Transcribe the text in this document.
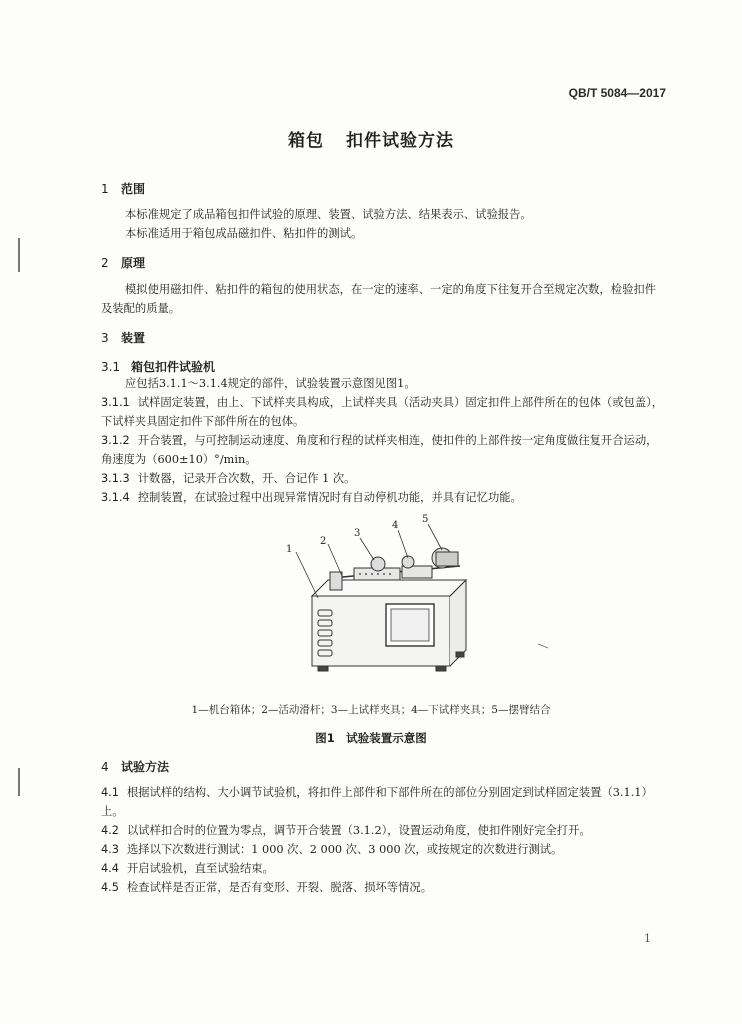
QB/T 5084—2017
箱包 扣件试验方法
1 范围
本标准规定了成品箱包扣件试验的原理、装置、试验方法、结果表示、试验报告。
本标准适用于箱包成品磁扣件、粘扣件的测试。
2 原理
模拟使用磁扣件、粘扣件的箱包的使用状态，在一定的速率、一定的角度下往复开合至规定次数，检验扣件及装配的质量。
3 装置
3.1 箱包扣件试验机
应包括3.1.1～3.1.4规定的部件，试验装置示意图见图1。
3.1.1 试样固定装置，由上、下试样夹具构成，上试样夹具（活动夹具）固定扣件上部件所在的包体（或包盖），下试样夹具固定扣件下部件所在的包体。
3.1.2 开合装置，与可控制运动速度、角度和行程的试样夹相连，使扣件的上部件按一定角度做往复开合运动，角速度为（600±10）°/min。
3.1.3 计数器，记录开合次数，开、合记作 1 次。
3.1.4 控制装置，在试验过程中出现异常情况时有自动停机功能，并具有记忆功能。
1
2
3
4
5
1—机台箱体；2—活动滑杆；3—上试样夹具；4—下试样夹具；5—摆臂结合
图1　试验装置示意图
4 试验方法
4.1 根据试样的结构、大小调节试验机，将扣件上部件和下部件所在的部位分别固定到试样固定装置（3.1.1）上。
4.2 以试样扣合时的位置为零点，调节开合装置（3.1.2），设置运动角度，使扣件刚好完全打开。
4.3 选择以下次数进行测试：1 000 次、2 000 次、3 000 次，或按规定的次数进行测试。
4.4 开启试验机，直至试验结束。
4.5 检查试样是否正常，是否有变形、开裂、脱落、损坏等情况。
1
